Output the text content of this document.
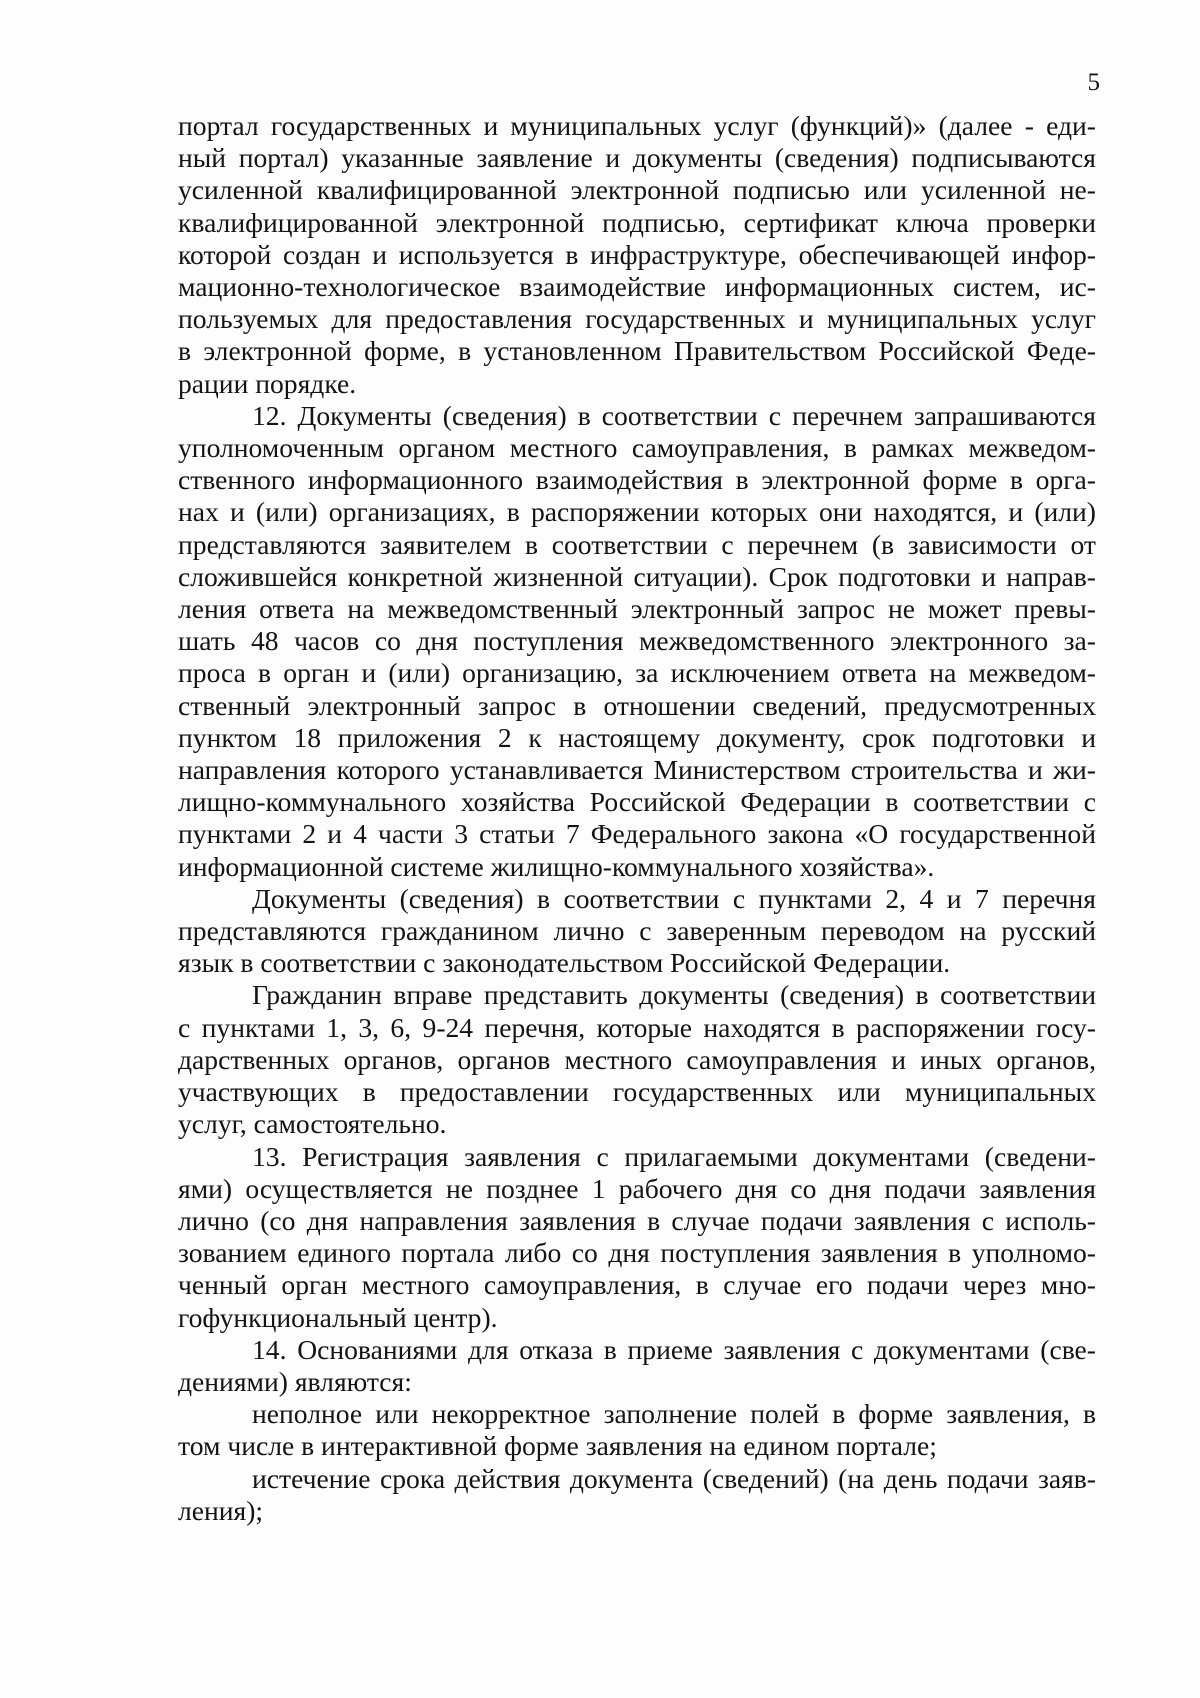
5
портал государственных и муниципальных услуг (функций)» (далее - еди-
ный портал) указанные заявление и документы (сведения) подписываются
усиленной квалифицированной электронной подписью или усиленной не-
квалифицированной электронной подписью, сертификат ключа проверки
которой создан и используется в инфраструктуре, обеспечивающей инфор-
мационно-технологическое взаимодействие информационных систем, ис-
пользуемых для предоставления государственных и муниципальных услуг
в электронной форме, в установленном Правительством Российской Феде-
рации порядке.
12. Документы (сведения) в соответствии с перечнем запрашиваются
уполномоченным органом местного самоуправления, в рамках межведом-
ственного информационного взаимодействия в электронной форме в орга-
нах и (или) организациях, в распоряжении которых они находятся, и (или)
представляются заявителем в соответствии с перечнем (в зависимости от
сложившейся конкретной жизненной ситуации). Срок подготовки и направ-
ления ответа на межведомственный электронный запрос не может превы-
шать 48 часов со дня поступления межведомственного электронного за-
проса в орган и (или) организацию, за исключением ответа на межведом-
ственный электронный запрос в отношении сведений, предусмотренных
пунктом 18 приложения 2 к настоящему документу, срок подготовки и
направления которого устанавливается Министерством строительства и жи-
лищно-коммунального хозяйства Российской Федерации в соответствии с
пунктами 2 и 4 части 3 статьи 7 Федерального закона «О государственной
информационной системе жилищно-коммунального хозяйства».
Документы (сведения) в соответствии с пунктами 2, 4 и 7 перечня
представляются гражданином лично с заверенным переводом на русский
язык в соответствии с законодательством Российской Федерации.
Гражданин вправе представить документы (сведения) в соответствии
с пунктами 1, 3, 6, 9-24 перечня, которые находятся в распоряжении госу-
дарственных органов, органов местного самоуправления и иных органов,
участвующих в предоставлении государственных или муниципальных
услуг, самостоятельно.
13. Регистрация заявления с прилагаемыми документами (сведени-
ями) осуществляется не позднее 1 рабочего дня со дня подачи заявления
лично (со дня направления заявления в случае подачи заявления с исполь-
зованием единого портала либо со дня поступления заявления в уполномо-
ченный орган местного самоуправления, в случае его подачи через мно-
гофункциональный центр).
14. Основаниями для отказа в приеме заявления с документами (све-
дениями) являются:
неполное или некорректное заполнение полей в форме заявления, в
том числе в интерактивной форме заявления на едином портале;
истечение срока действия документа (сведений) (на день подачи заяв-
ления);
